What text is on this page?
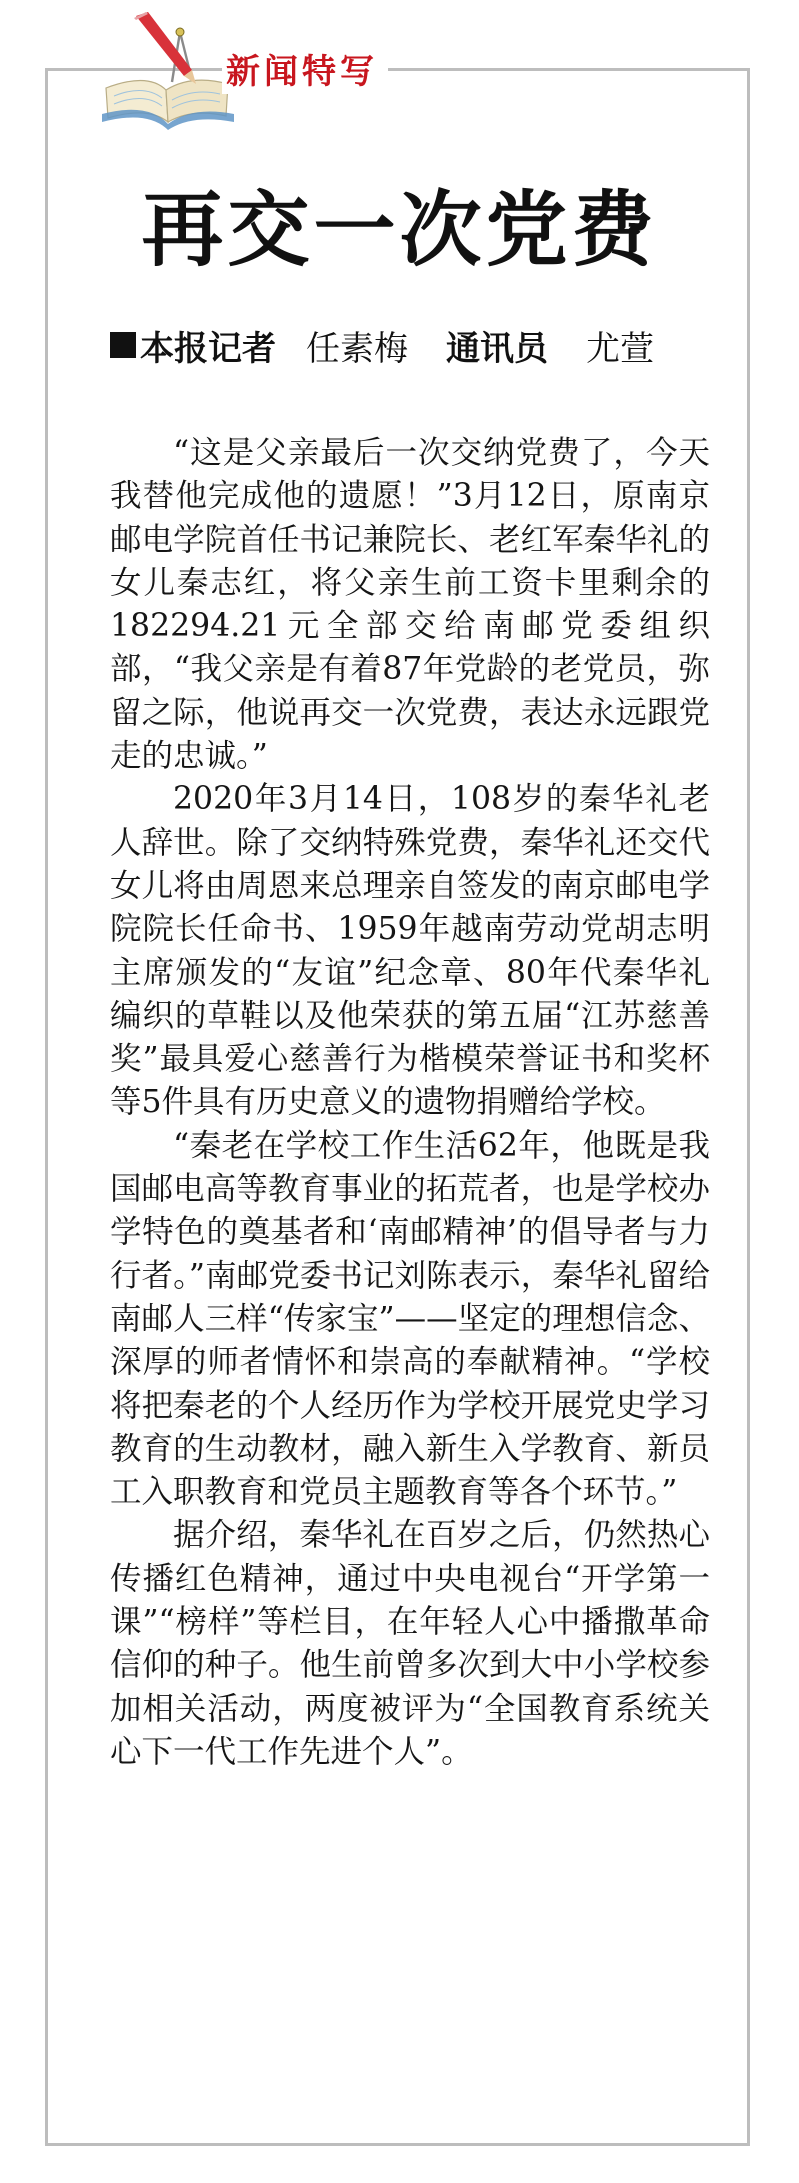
新闻特写
再交一次党费
本报记者 任素梅 通讯员 尤萱

“这是父亲最后一次交纳党费了，今天我替他完成他的遗愿！”3月12日，原南京邮电学院首任书记兼院长、老红军秦华礼的女儿秦志红，将父亲生前工资卡里剩余的182294.21元全部交给南邮党委组织部，“我父亲是有着87年党龄的老党员，弥留之际，他说再交一次党费，表达永远跟党走的忠诚。”

2020年3月14日，108岁的秦华礼老人辞世。除了交纳特殊党费，秦华礼还交代女儿将由周恩来总理亲自签发的南京邮电学院院长任命书、1959年越南劳动党胡志明主席颁发的“友谊”纪念章、80年代秦华礼编织的草鞋以及他荣获的第五届“江苏慈善奖”最具爱心慈善行为楷模荣誉证书和奖杯等5件具有历史意义的遗物捐赠给学校。

“秦老在学校工作生活62年，他既是我国邮电高等教育事业的拓荒者，也是学校办学特色的奠基者和‘南邮精神’的倡导者与力行者。”南邮党委书记刘陈表示，秦华礼留给南邮人三样“传家宝”——坚定的理想信念、深厚的师者情怀和崇高的奉献精神。“学校将把秦老的个人经历作为学校开展党史学习教育的生动教材，融入新生入学教育、新员工入职教育和党员主题教育等各个环节。”

据介绍，秦华礼在百岁之后，仍然热心传播红色精神，通过中央电视台“开学第一课”“榜样”等栏目，在年轻人心中播撒革命信仰的种子。他生前曾多次到大中小学校参加相关活动，两度被评为“全国教育系统关心下一代工作先进个人”。
